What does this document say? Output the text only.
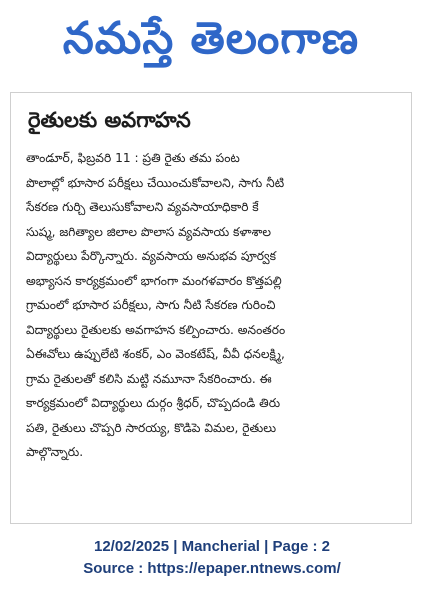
నమస్తే తెలంగాణ
రైతులకు అవగాహన
తాండూర్, ఫిబ్రవరి 11 : ప్రతి రైతు తమ పంట
పొలాల్లో భూసార పరీక్షలు చేయించుకోవాలని, సాగు నీటి
సేకరణ గుర్చి తెలుసుకోవాలని వ్యవసాయాధికారి కే
సుష్మ, జగిత్యాల జిలాల పొలాస వ్యవసాయ కళాశాల
విద్యార్థులు పేర్కొన్నారు. వ్యవసాయ అనుభవ పూర్వక
అభ్యాసన కార్యక్రమంలో భాగంగా మంగళవారం కొత్తపల్లి
గ్రామంలో భూసార పరీక్షలు, సాగు నీటి సేకరణ గురించి
విద్యార్థులు రైతులకు అవగాహన కల్పించారు. అనంతరం
ఏఈవోలు ఉప్పులేటి శంకర్, ఎం వెంకటేష్, వీవీ ధనలక్ష్మి,
గ్రామ రైతులతో కలిసి మట్టి నమూనా సేకరించారు. ఈ
కార్యక్రమంలో విద్యార్థులు దుర్గం శ్రీధర్, చొప్పదండి తిరు
పతి, రైతులు చొప్పరి సారయ్య, కొడిపె విమల, రైతులు
పాల్గొన్నారు.
12/02/2025 | Mancherial | Page : 2
Source : https://epaper.ntnews.com/
